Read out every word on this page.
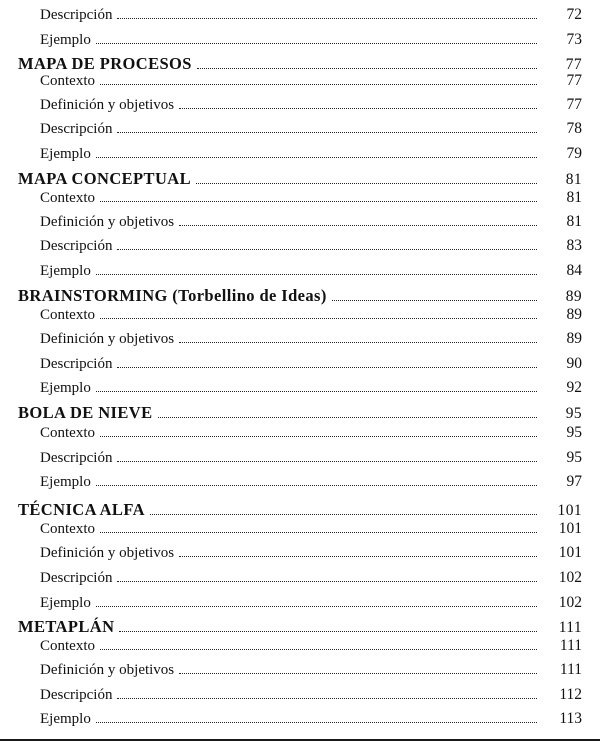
Descripción	72
Ejemplo	73
MAPA DE PROCESOS	77
Contexto	77
Definición y objetivos	77
Descripción	78
Ejemplo	79
MAPA CONCEPTUAL	81
Contexto	81
Definición y objetivos	81
Descripción	83
Ejemplo	84
BRAINSTORMING (Torbellino de Ideas)	89
Contexto	89
Definición y objetivos	89
Descripción	90
Ejemplo	92
BOLA DE NIEVE	95
Contexto	95
Descripción	95
Ejemplo	97
TÉCNICA ALFA	101
Contexto	101
Definición y objetivos	101
Descripción	102
Ejemplo	102
METAPLÁN	111
Contexto	111
Definición y objetivos	111
Descripción	112
Ejemplo	113
